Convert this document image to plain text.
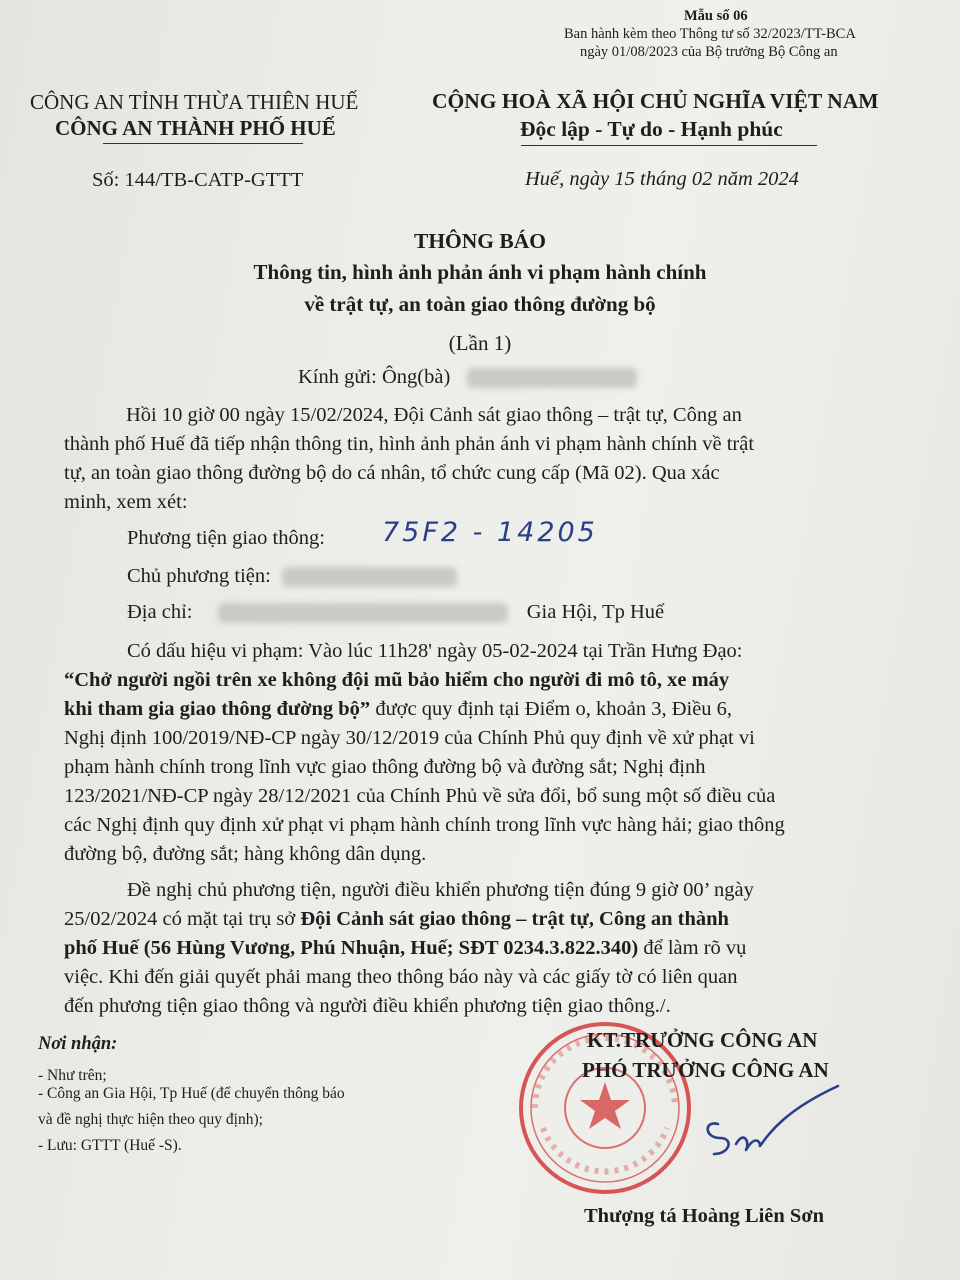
Mẫu số 06
Ban hành kèm theo Thông tư số 32/2023/TT-BCA
ngày 01/08/2023 của Bộ trưởng Bộ Công an
CÔNG AN TỈNH THỪA THIÊN HUẾ
CÔNG AN THÀNH PHỐ HUẾ
Số: 144/TB-CATP-GTTT
CỘNG HOÀ XÃ HỘI CHỦ NGHĨA VIỆT NAM
Độc lập - Tự do - Hạnh phúc
Huế, ngày 15 tháng 02 năm 2024
THÔNG BÁO
Thông tin, hình ảnh phản ánh vi phạm hành chính
về trật tự, an toàn giao thông đường bộ
(Lần 1)
Kính gửi: Ông(bà)
Hồi 10 giờ 00 ngày 15/02/2024, Đội Cảnh sát giao thông – trật tự, Công an
thành phố Huế đã tiếp nhận thông tin, hình ảnh phản ánh vi phạm hành chính về trật
tự, an toàn giao thông đường bộ do cá nhân, tổ chức cung cấp (Mã 02). Qua xác
minh, xem xét:
Phương tiện giao thông: 75F2 - 14205
Chủ phương tiện:
Địa chỉ:	Gia Hội, Tp Huế
Có dấu hiệu vi phạm: Vào lúc 11h28' ngày 05-02-2024 tại Trần Hưng Đạo:
“Chở người ngồi trên xe không đội mũ bảo hiểm cho người đi mô tô, xe máy
khi tham gia giao thông đường bộ” được quy định tại Điểm o, khoản 3, Điều 6,
Nghị định 100/2019/NĐ-CP ngày 30/12/2019 của Chính Phủ quy định về xử phạt vi
phạm hành chính trong lĩnh vực giao thông đường bộ và đường sắt; Nghị định
123/2021/NĐ-CP ngày 28/12/2021 của Chính Phủ về sửa đổi, bổ sung một số điều của
các Nghị định quy định xử phạt vi phạm hành chính trong lĩnh vực hàng hải; giao thông
đường bộ, đường sắt; hàng không dân dụng.
Đề nghị chủ phương tiện, người điều khiển phương tiện đúng 9 giờ 00’ ngày
25/02/2024 có mặt tại trụ sở Đội Cảnh sát giao thông – trật tự, Công an thành
phố Huế (56 Hùng Vương, Phú Nhuận, Huế; SĐT 0234.3.822.340) để làm rõ vụ
việc. Khi đến giải quyết phải mang theo thông báo này và các giấy tờ có liên quan
đến phương tiện giao thông và người điều khiển phương tiện giao thông./.
Nơi nhận:
- Như trên;
- Công an Gia Hội, Tp Huế (để chuyển thông báo
và đề nghị thực hiện theo quy định);
- Lưu: GTTT (Huế -S).
KT.TRƯỞNG CÔNG AN
PHÓ TRƯỞNG CÔNG AN
Thượng tá Hoàng Liên Sơn
